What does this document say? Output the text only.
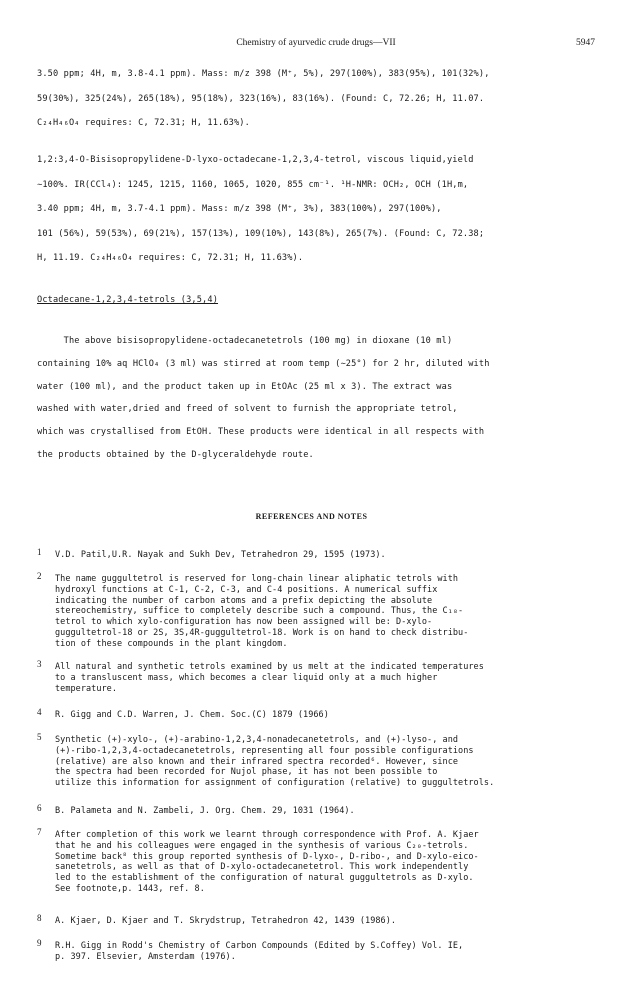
Chemistry of ayurvedic crude drugs—VII	5947
3.50 ppm; 4H, m, 3.8-4.1 ppm). Mass: m/z 398 (M⁺, 5%), 297(100%), 383(95%), 101(32%),
59(30%), 325(24%), 265(18%), 95(18%), 323(16%), 83(16%). (Found: C, 72.26; H, 11.07.
C₂₄H₄₆O₄ requires: C, 72.31; H, 11.63%).
1,2:3,4-O-Bisisopropylidene-D-lyxo-octadecane-1,2,3,4-tetrol, viscous liquid,yield
∼100%. IR(CCl₄): 1245, 1215, 1160, 1065, 1020, 855 cm⁻¹. ¹H-NMR: OCH₂, OCH (1H,m,
3.40 ppm; 4H, m, 3.7-4.1 ppm). Mass: m/z 398 (M⁺, 3%), 383(100%), 297(100%),
101 (56%), 59(53%), 69(21%), 157(13%), 109(10%), 143(8%), 265(7%). (Found: C, 72.38;
H, 11.19. C₂₄H₄₆O₄ requires: C, 72.31; H, 11.63%).
Octadecane-1,2,3,4-tetrols (3,5,4)
The above bisisopropylidene-octadecanetetrols (100 mg) in dioxane (10 ml)
containing 10% aq HClO₄ (3 ml) was stirred at room temp (∼25°) for 2 hr, diluted with
water (100 ml), and the product taken up in EtOAc (25 ml x 3). The extract was
washed with water,dried and freed of solvent to furnish the appropriate tetrol,
which was crystallised from EtOH. These products were identical in all respects with
the products obtained by the D-glyceraldehyde route.
REFERENCES AND NOTES
1 V.D. Patil,U.R. Nayak and Sukh Dev, Tetrahedron 29, 1595 (1973).
2 The name guggultetrol is reserved for long-chain linear aliphatic tetrols with
hydroxyl functions at C-1, C-2, C-3, and C-4 positions. A numerical suffix
indicating the number of carbon atoms and a prefix depicting the absolute
stereochemistry, suffice to completely describe such a compound. Thus, the C₁₈-
tetrol to which xylo-configuration has now been assigned will be: D-xylo-
guggultetrol-18 or 2S, 3S,4R-guggultetrol-18. Work is on hand to check distribu-
tion of these compounds in the plant kingdom.
3 All natural and synthetic tetrols examined by us melt at the indicated temperatures
to a transluscent mass, which becomes a clear liquid only at a much higher
temperature.
4 R. Gigg and C.D. Warren, J. Chem. Soc.(C) 1879 (1966)
5 Synthetic (+)-xylo-, (+)-arabino-1,2,3,4-nonadecanetetrols, and (+)-lyso-, and
(+)-ribo-1,2,3,4-octadecanetetrols, representing all four possible configurations
(relative) are also known and their infrared spectra recorded⁶. However, since
the spectra had been recorded for Nujol phase, it has not been possible to
utilize this information for assignment of configuration (relative) to guggultetrols.
6 B. Palameta and N. Zambeli, J. Org. Chem. 29, 1031 (1964).
7 After completion of this work we learnt through correspondence with Prof. A. Kjaer
that he and his colleagues were engaged in the synthesis of various C₂₀-tetrols.
Sometime back⁸ this group reported synthesis of D-lyxo-, D-ribo-, and D-xylo-eico-
sanetetrols, as well as that of D-xylo-octadecanetetrol. This work independently
led to the establishment of the configuration of natural guggultetrols as D-xylo.
See footnote,p. 1443, ref. 8.
8 A. Kjaer, D. Kjaer and T. Skrydstrup, Tetrahedron 42, 1439 (1986).
9 R.H. Gigg in Rodd's Chemistry of Carbon Compounds (Edited by S.Coffey) Vol. IE,
p. 397. Elsevier, Amsterdam (1976).
